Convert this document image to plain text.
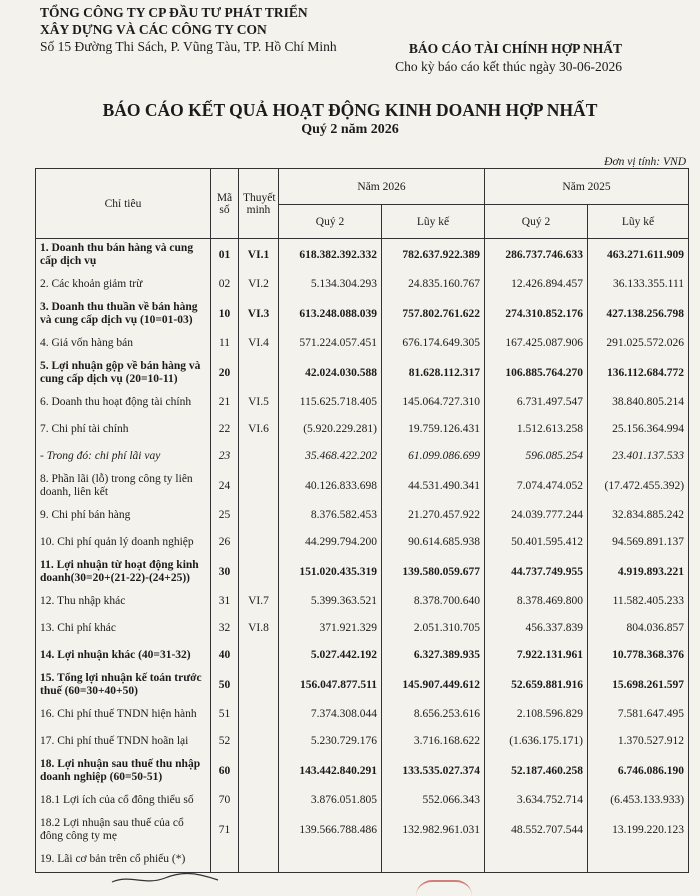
TỔNG CÔNG TY CP ĐẦU TƯ PHÁT TRIỂN
XÂY DỰNG VÀ CÁC CÔNG TY CON
Số 15 Đường Thi Sách, P. Vũng Tàu, TP. Hồ Chí Minh	BÁO CÁO TÀI CHÍNH HỢP NHẤT
Cho kỳ báo cáo kết thúc ngày 30-06-2026
BÁO CÁO KẾT QUẢ HOẠT ĐỘNG KINH DOANH HỢP NHẤT
Quý 2 năm 2026
Đơn vị tính: VND
Chỉ tiêu	Mã số	Thuyết minh	Năm 2026		Năm 2025	
			Quý 2	Lũy kế	Quý 2	Lũy kế
1. Doanh thu bán hàng và cung cấp dịch vụ	01	VI.1	618.382.392.332	782.637.922.389	286.737.746.633	463.271.611.909
2. Các khoản giảm trừ	02	VI.2	5.134.304.293	24.835.160.767	12.426.894.457	36.133.355.111
3. Doanh thu thuần về bán hàng và cung cấp dịch vụ (10=01-03)	10	VI.3	613.248.088.039	757.802.761.622	274.310.852.176	427.138.256.798
4. Giá vốn hàng bán	11	VI.4	571.224.057.451	676.174.649.305	167.425.087.906	291.025.572.026
5. Lợi nhuận gộp về bán hàng và cung cấp dịch vụ (20=10-11)	20		42.024.030.588	81.628.112.317	106.885.764.270	136.112.684.772
6. Doanh thu hoạt động tài chính	21	VI.5	115.625.718.405	145.064.727.310	6.731.497.547	38.840.805.214
7. Chi phí tài chính	22	VI.6	(5.920.229.281)	19.759.126.431	1.512.613.258	25.156.364.994
- Trong đó: chi phí lãi vay	23		35.468.422.202	61.099.086.699	596.085.254	23.401.137.533
8. Phần lãi (lỗ) trong công ty liên doanh, liên kết	24		40.126.833.698	44.531.490.341	7.074.474.052	(17.472.455.392)
9. Chi phí bán hàng	25		8.376.582.453	21.270.457.922	24.039.777.244	32.834.885.242
10. Chi phí quản lý doanh nghiệp	26		44.299.794.200	90.614.685.938	50.401.595.412	94.569.891.137
11. Lợi nhuận từ hoạt động kinh doanh(30=20+(21-22)-(24+25))	30		151.020.435.319	139.580.059.677	44.737.749.955	4.919.893.221
12. Thu nhập khác	31	VI.7	5.399.363.521	8.378.700.640	8.378.469.800	11.582.405.233
13. Chi phí khác	32	VI.8	371.921.329	2.051.310.705	456.337.839	804.036.857
14. Lợi nhuận khác (40=31-32)	40		5.027.442.192	6.327.389.935	7.922.131.961	10.778.368.376
15. Tổng lợi nhuận kế toán trước thuế (60=30+40+50)	50		156.047.877.511	145.907.449.612	52.659.881.916	15.698.261.597
16. Chi phí thuế TNDN hiện hành	51		7.374.308.044	8.656.253.616	2.108.596.829	7.581.647.495
17. Chi phí thuế TNDN hoãn lại	52		5.230.729.176	3.716.168.622	(1.636.175.171)	1.370.527.912
18. Lợi nhuận sau thuế thu nhập doanh nghiệp (60=50-51)	60		143.442.840.291	133.535.027.374	52.187.460.258	6.746.086.190
18.1 Lợi ích của cổ đông thiểu số	70		3.876.051.805	552.066.343	3.634.752.714	(6.453.133.933)
18.2 Lợi nhuận sau thuế của cổ đông công ty mẹ	71		139.566.788.486	132.982.961.031	48.552.707.544	13.199.220.123
19. Lãi cơ bản trên cổ phiếu (*)						
